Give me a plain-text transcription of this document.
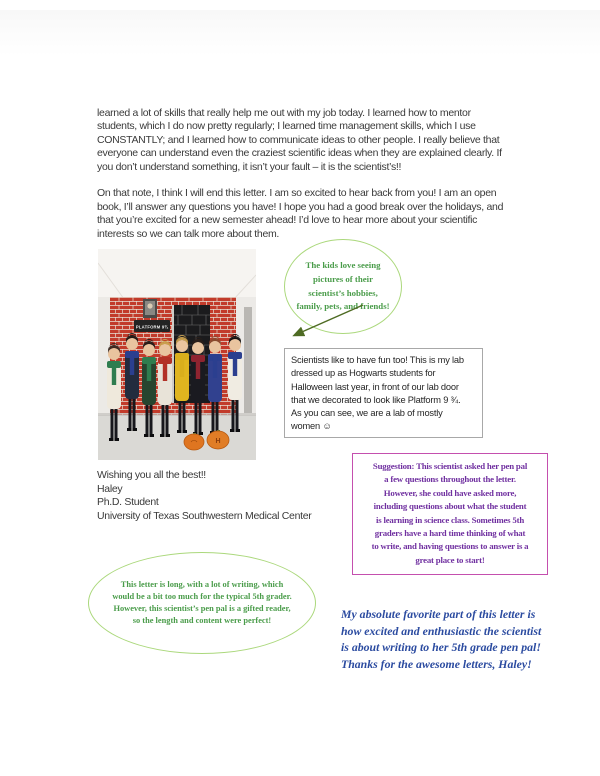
learned a lot of skills that really help me out with my job today. I learned how to mentor
students, which I do now pretty regularly; I learned time management skills, which I use
CONSTANTLY; and I learned how to communicate ideas to other people. I really believe that
everyone can understand even the craziest scientific ideas when they are explained clearly. If
you don’t understand something, it isn’t your fault – it is the scientist’s!!
On that note, I think I will end this letter. I am so excited to hear back from you! I am an open
book, I’ll answer any questions you have! I hope you had a good break over the holidays, and
that you’re excited for a new semester ahead! I’d love to hear more about your scientific
interests so we can talk more about them.
PLATFORM 9¾
H
The kids love seeing
pictures of their
scientist’s hobbies,
family, pets, and friends!
Scientists like to have fun too! This is my lab
dressed up as Hogwarts students for
Halloween last year, in front of our lab door
that we decorated to look like Platform 9 ¾.
As you can see, we are a lab of mostly
women ☺
Wishing you all the best!!
Haley
Ph.D. Student
University of Texas Southwestern Medical Center
Suggestion: This scientist asked her pen pal
a few questions throughout the letter.
However, she could have asked more,
including questions about what the student
is learning in science class. Sometimes 5th
graders have a hard time thinking of what
to write, and having questions to answer is a
great place to start!
This letter is long, with a lot of writing, which
would be a bit too much for the typical 5th grader.
However, this scientist’s pen pal is a gifted reader,
so the length and content were perfect!	My absolute favorite part of this letter is
how excited and enthusiastic the scientist
is about writing to her 5th grade pen pal!
Thanks for the awesome letters, Haley!
